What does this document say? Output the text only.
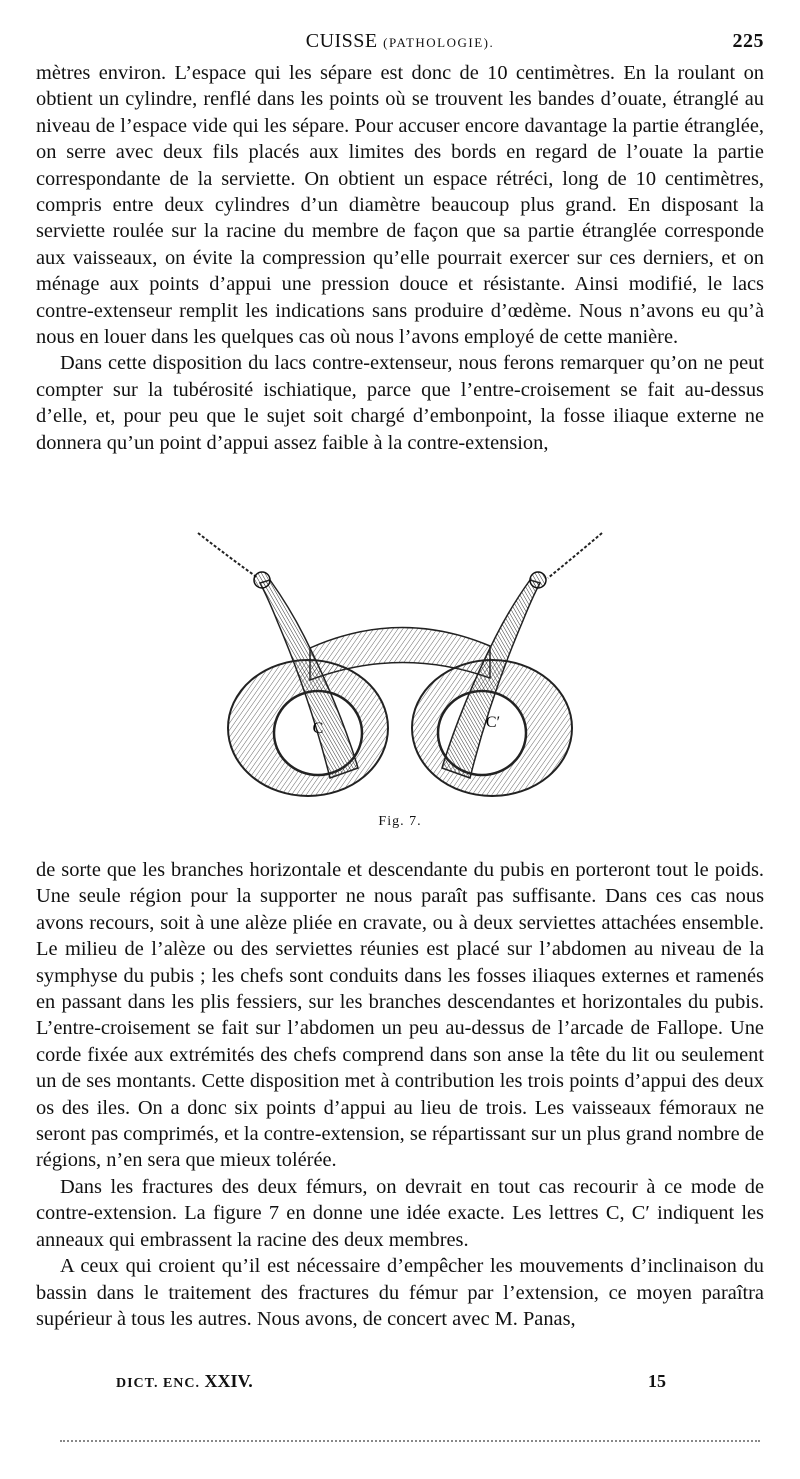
CUISSE (PATHOLOGIE).	225

mètres environ. L’espace qui les sépare est donc de 10 centimètres. En la roulant on obtient un cylindre, renflé dans les points où se trouvent les bandes d’ouate, étranglé au niveau de l’espace vide qui les sépare. Pour accuser encore davantage la partie étranglée, on serre avec deux fils placés aux limites des bords en regard de l’ouate la partie correspondante de la serviette. On obtient un espace rétréci, long de 10 centimètres, compris entre deux cylindres d’un diamètre beaucoup plus grand. En disposant la serviette roulée sur la racine du membre de façon que sa partie étranglée corresponde aux vaisseaux, on évite la compression qu’elle pourrait exercer sur ces derniers, et on ménage aux points d’appui une pression douce et résistante. Ainsi modifié, le lacs contre-extenseur remplit les indications sans produire d’œdème. Nous n’avons eu qu’à nous en louer dans les quelques cas où nous l’avons employé de cette manière.

Dans cette disposition du lacs contre-extenseur, nous ferons remarquer qu’on ne peut compter sur la tubérosité ischiatique, parce que l’entre-croisement se fait au-dessus d’elle, et, pour peu que le sujet soit chargé d’embonpoint, la fosse iliaque externe ne donnera qu’un point d’appui assez faible à la contre-extension,

C	C′
Fig. 7.

de sorte que les branches horizontale et descendante du pubis en porteront tout le poids. Une seule région pour la supporter ne nous paraît pas suffisante. Dans ces cas nous avons recours, soit à une alèze pliée en cravate, ou à deux serviettes attachées ensemble. Le milieu de l’alèze ou des serviettes réunies est placé sur l’abdomen au niveau de la symphyse du pubis ; les chefs sont conduits dans les fosses iliaques externes et ramenés en passant dans les plis fessiers, sur les branches descendantes et horizontales du pubis. L’entre-croisement se fait sur l’abdomen un peu au-dessus de l’arcade de Fallope. Une corde fixée aux extrémités des chefs comprend dans son anse la tête du lit ou seulement un de ses montants. Cette disposition met à contribution les trois points d’appui des deux os des iles. On a donc six points d’appui au lieu de trois. Les vaisseaux fémoraux ne seront pas comprimés, et la contre-extension, se répartissant sur un plus grand nombre de régions, n’en sera que mieux tolérée.

Dans les fractures des deux fémurs, on devrait en tout cas recourir à ce mode de contre-extension. La figure 7 en donne une idée exacte. Les lettres C, C′ indiquent les anneaux qui embrassent la racine des deux membres.

A ceux qui croient qu’il est nécessaire d’empêcher les mouvements d’inclinaison du bassin dans le traitement des fractures du fémur par l’extension, ce moyen paraîtra supérieur à tous les autres. Nous avons, de concert avec M. Panas,

DICT. ENC. XXIV.	15
